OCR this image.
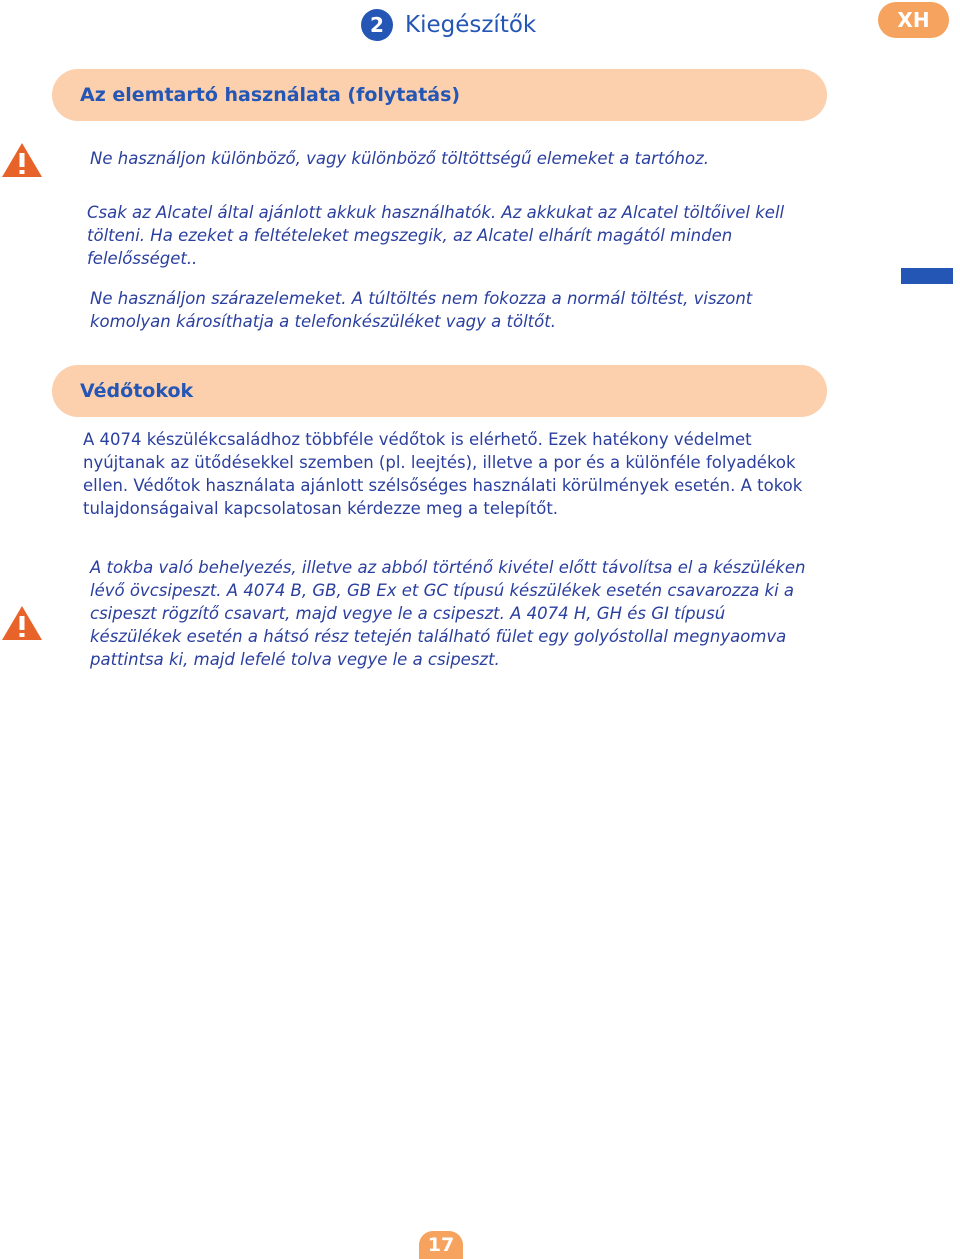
2 Kiegészítők	XH
Az elemtartó használata (folytatás)

Ne használjon különböző, vagy különböző töltöttségű elemeket a tartóhoz.

Csak az Alcatel által ajánlott akkuk használhatók. Az akkukat az Alcatel töltőivel kell tölteni. Ha ezeket a feltételeket megszegik, az Alcatel elhárít magától minden felelősséget..

Ne használjon szárazelemeket. A túltöltés nem fokozza a normál töltést, viszont komolyan károsíthatja a telefonkészüléket vagy a töltőt.

Védőtokok

A 4074 készülékcsaládhoz többféle védőtok is elérhető. Ezek hatékony védelmet nyújtanak az ütődésekkel szemben (pl. leejtés), illetve a por és a különféle folyadékok ellen. Védőtok használata ajánlott szélsőséges használati körülmények esetén. A tokok tulajdonságaival kapcsolatosan kérdezze meg a telepítőt.

A tokba való behelyezés, illetve az abból történő kivétel előtt távolítsa el a készüléken lévő övcsipeszt. A 4074 B, GB, GB Ex et GC típusú készülékek esetén csavarozza ki a csipeszt rögzítő csavart, majd vegye le a csipeszt. A 4074 H, GH és GI típusú készülékek esetén a hátsó rész tetején található fület egy golyóstollal megnyaomva pattintsa ki, majd lefelé tolva vegye le a csipeszt.

17
